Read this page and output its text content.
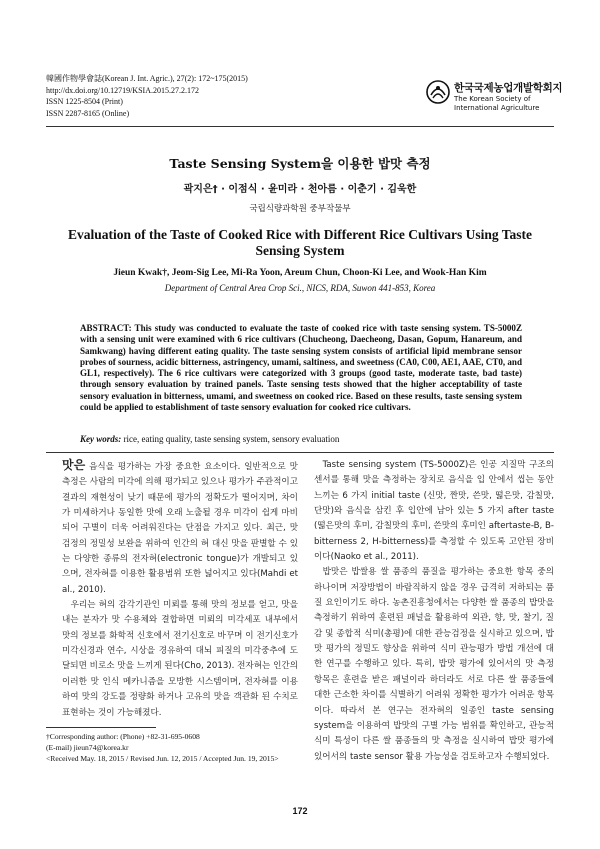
韓國作物學會誌(Korean J. Int. Agric.), 27(2): 172~175(2015)
http://dx.doi.org/10.12719/KSIA.2015.27.2.172
ISSN 1225-8504 (Print)
ISSN 2287-8165 (Online)
한국국제농업개발학회지
The Korean Society of International Agriculture
Taste Sensing System을 이용한 밥맛 측정
곽지은† · 이점식 · 윤미라 · 천아름 · 이춘기 · 김욱한
국립식량과학원 중부작물부
Evaluation of the Taste of Cooked Rice with Different Rice Cultivars Using Taste Sensing System
Jieun Kwak†, Jeom-Sig Lee, Mi-Ra Yoon, Areum Chun, Choon-Ki Lee, and Wook-Han Kim
Department of Central Area Crop Sci., NICS, RDA, Suwon 441-853, Korea
ABSTRACT: This study was conducted to evaluate the taste of cooked rice with taste sensing system. TS-5000Z with a sensing unit were examined with 6 rice cultivars (Chucheong, Daecheong, Dasan, Gopum, Hanareum, and Samkwang) having different eating quality. The taste sensing system consists of artificial lipid membrane sensor probes of sourness, acidic bitterness, astringency, umami, saltiness, and sweetness (CA0, C00, AE1, AAE, CT0, and GL1, respectively). The 6 rice cultivars were categorized with 3 groups (good taste, moderate taste, bad taste) through sensory evaluation by trained panels. Taste sensing tests showed that the higher acceptability of taste sensory evaluation in bitterness, umami, and sweetness on cooked rice. Based on these results, taste sensing system could be applied to establishment of taste sensory evaluation for cooked rice cultivars.
Key words: rice, eating quality, taste sensing system, sensory evaluation

맛은 음식을 평가하는 가장 중요한 요소이다. 일반적으로 맛 측정은 사람의 미각에 의해 평가되고 있으나 평가가 주관적이고 결과의 재현성이 낮기 때문에 평가의 정확도가 떨어지며, 차이가 미세하거나 동일한 맛에 오래 노출될 경우 미각이 쉽게 마비되어 구별이 더욱 어려워진다는 단점을 가지고 있다. 최근, 맛 검정의 정밀성 보완을 위하여 인간의 혀 대신 맛을 판별할 수 있는 다양한 종류의 전자혀(electronic tongue)가 개발되고 있으며, 전자혀를 이용한 활용범위 또한 넓어지고 있다(Mahdi et al., 2010).

우리는 혀의 감각기관인 미뢰를 통해 맛의 정보를 얻고, 맛을 내는 분자가 맛 수용체와 결합하면 미뢰의 미각세포 내부에서 맛의 정보를 화학적 신호에서 전기신호로 바꾸며 이 전기신호가 미각신경과 연수, 시상을 경유하여 대뇌 피질의 미각중추에 도달되면 비로소 맛을 느끼게 된다(Cho, 2013). 전자혀는 인간의 이러한 맛 인식 메카니즘을 모방한 시스템이며, 전자혀를 이용하여 맛의 강도를 정량화 하거나 고유의 맛을 객관화 된 수치로 표현하는 것이 가능해졌다.

†Corresponding author: (Phone) +82-31-695-0608
(E-mail) jieun74@korea.kr
<Received May. 18, 2015 / Revised Jun. 12, 2015 / Accepted Jun. 19, 2015>

Taste sensing system (TS-5000Z)은 인공 지질막 구조의 센서를 통해 맛을 측정하는 장치로 음식을 입 안에서 씹는 동안 느끼는 6 가지 initial taste (신맛, 짠맛, 쓴맛, 떫은맛, 감칠맛, 단맛)와 음식을 삼킨 후 입안에 남아 있는 5 가지 after taste (떫은맛의 후미, 감칠맛의 후미, 쓴맛의 후미인 aftertaste-B, B-bitterness 2, H-bitterness)를 측정할 수 있도록 고안된 장비이다(Naoko et al., 2011).

밥맛은 밥쌀용 쌀 품종의 품질을 평가하는 중요한 항목 중의 하나이며 저장방법이 바람직하지 않을 경우 급격히 저하되는 품질 요인이기도 하다. 농촌진흥청에서는 다양한 쌀 품종의 밥맛을 측정하기 위하여 훈련된 패널을 활용하여 외관, 향, 맛, 찰기, 질감 및 종합적 식미(총평)에 대한 관능검정을 실시하고 있으며, 밥맛 평가의 정밀도 향상을 위하여 식미 관능평가 방법 개선에 대한 연구를 수행하고 있다. 특히, 밥맛 평가에 있어서의 맛 측정 항목은 훈련을 받은 패널이라 하더라도 서로 다른 쌀 품종들에 대한 근소한 차이를 식별하기 어려워 정확한 평가가 어려운 항목이다. 따라서 본 연구는 전자혀의 일종인 taste sensing system을 이용하여 밥맛의 구별 가능 범위를 확인하고, 관능적 식미 특성이 다른 쌀 품종들의 맛 측정을 실시하여 밥맛 평가에 있어서의 taste sensor 활용 가능성을 검토하고자 수행되었다.

172
